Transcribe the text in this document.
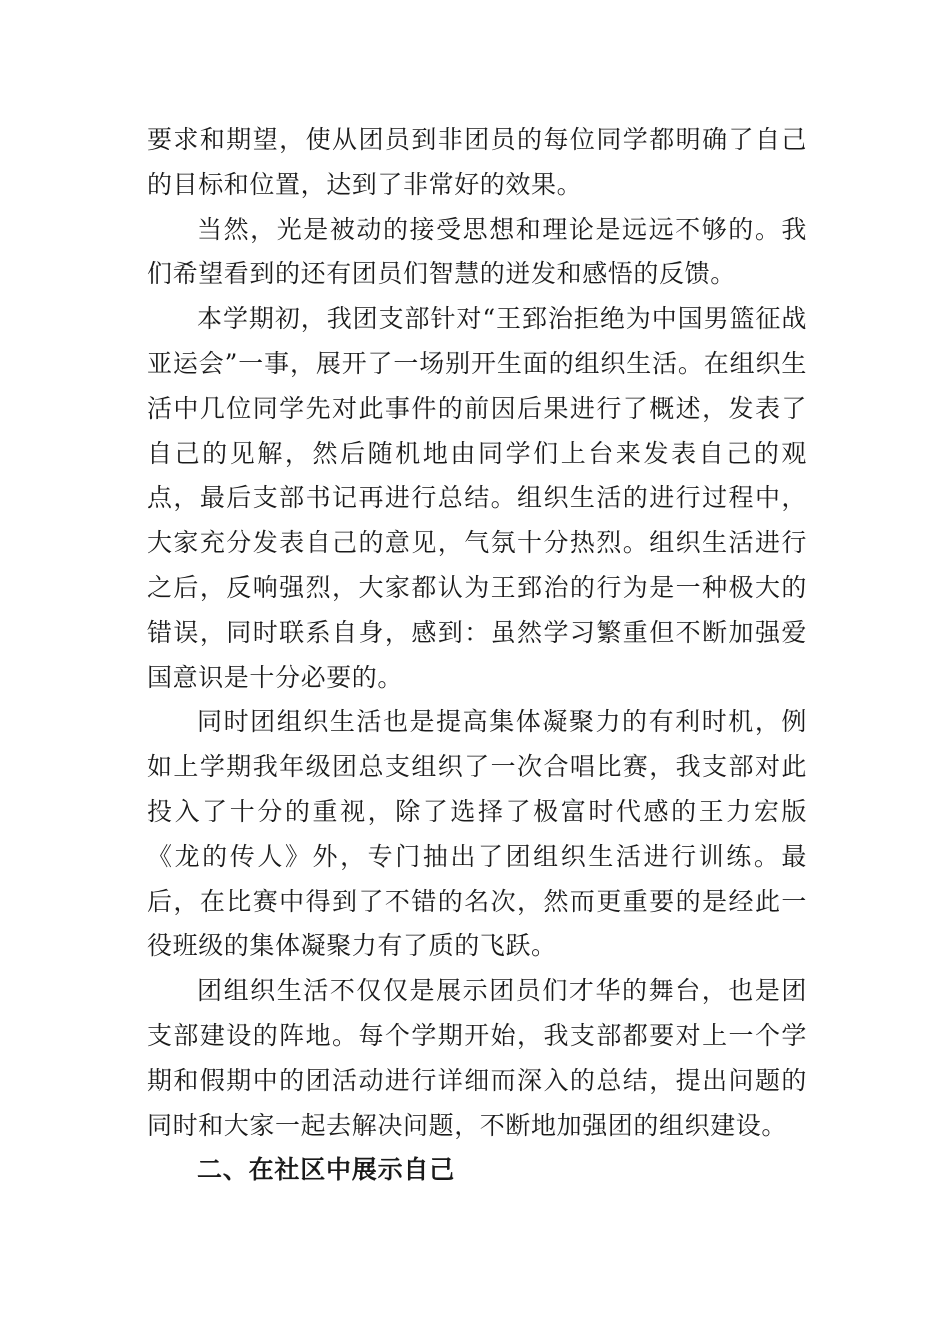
要求和期望，使从团员到非团员的每位同学都明确了自己的目标和位置，达到了非常好的效果。

当然，光是被动的接受思想和理论是远远不够的。我们希望看到的还有团员们智慧的迸发和感悟的反馈。

本学期初，我团支部针对“王郅治拒绝为中国男篮征战亚运会”一事，展开了一场别开生面的组织生活。在组织生活中几位同学先对此事件的前因后果进行了概述，发表了自己的见解，然后随机地由同学们上台来发表自己的观点，最后支部书记再进行总结。组织生活的进行过程中，大家充分发表自己的意见，气氛十分热烈。组织生活进行之后，反响强烈，大家都认为王郅治的行为是一种极大的错误，同时联系自身，感到：虽然学习繁重但不断加强爱国意识是十分必要的。

同时团组织生活也是提高集体凝聚力的有利时机，例如上学期我年级团总支组织了一次合唱比赛，我支部对此投入了十分的重视，除了选择了极富时代感的王力宏版《龙的传人》外，专门抽出了团组织生活进行训练。最后，在比赛中得到了不错的名次，然而更重要的是经此一役班级的集体凝聚力有了质的飞跃。

团组织生活不仅仅是展示团员们才华的舞台，也是团支部建设的阵地。每个学期开始，我支部都要对上一个学期和假期中的团活动进行详细而深入的总结，提出问题的同时和大家一起去解决问题，不断地加强团的组织建设。

二、在社区中展示自己
